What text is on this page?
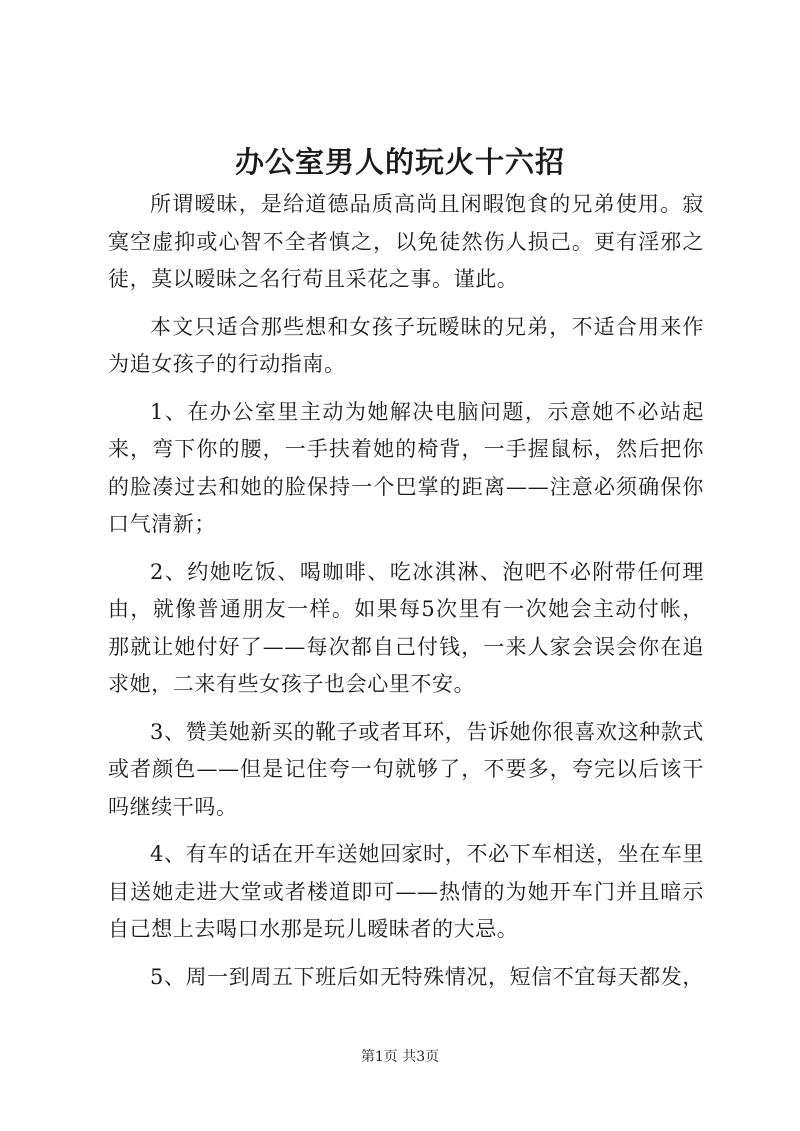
办公室男人的玩火十六招

所谓暧昧，是给道德品质高尚且闲暇饱食的兄弟使用。寂寞空虚抑或心智不全者慎之，以免徒然伤人损己。更有淫邪之徒，莫以暧昧之名行苟且采花之事。谨此。

本文只适合那些想和女孩子玩暧昧的兄弟，不适合用来作为追女孩子的行动指南。

1、在办公室里主动为她解决电脑问题，示意她不必站起来，弯下你的腰，一手扶着她的椅背，一手握鼠标，然后把你的脸凑过去和她的脸保持一个巴掌的距离——注意必须确保你口气清新；

2、约她吃饭、喝咖啡、吃冰淇淋、泡吧不必附带任何理由，就像普通朋友一样。如果每5次里有一次她会主动付帐，那就让她付好了——每次都自己付钱，一来人家会误会你在追求她，二来有些女孩子也会心里不安。

3、赞美她新买的靴子或者耳环，告诉她你很喜欢这种款式或者颜色——但是记住夸一句就够了，不要多，夸完以后该干吗继续干吗。

4、有车的话在开车送她回家时，不必下车相送，坐在车里目送她走进大堂或者楼道即可——热情的为她开车门并且暗示自己想上去喝口水那是玩儿暧昧者的大忌。

5、周一到周五下班后如无特殊情况，短信不宜每天都发，

第1页 共3页
